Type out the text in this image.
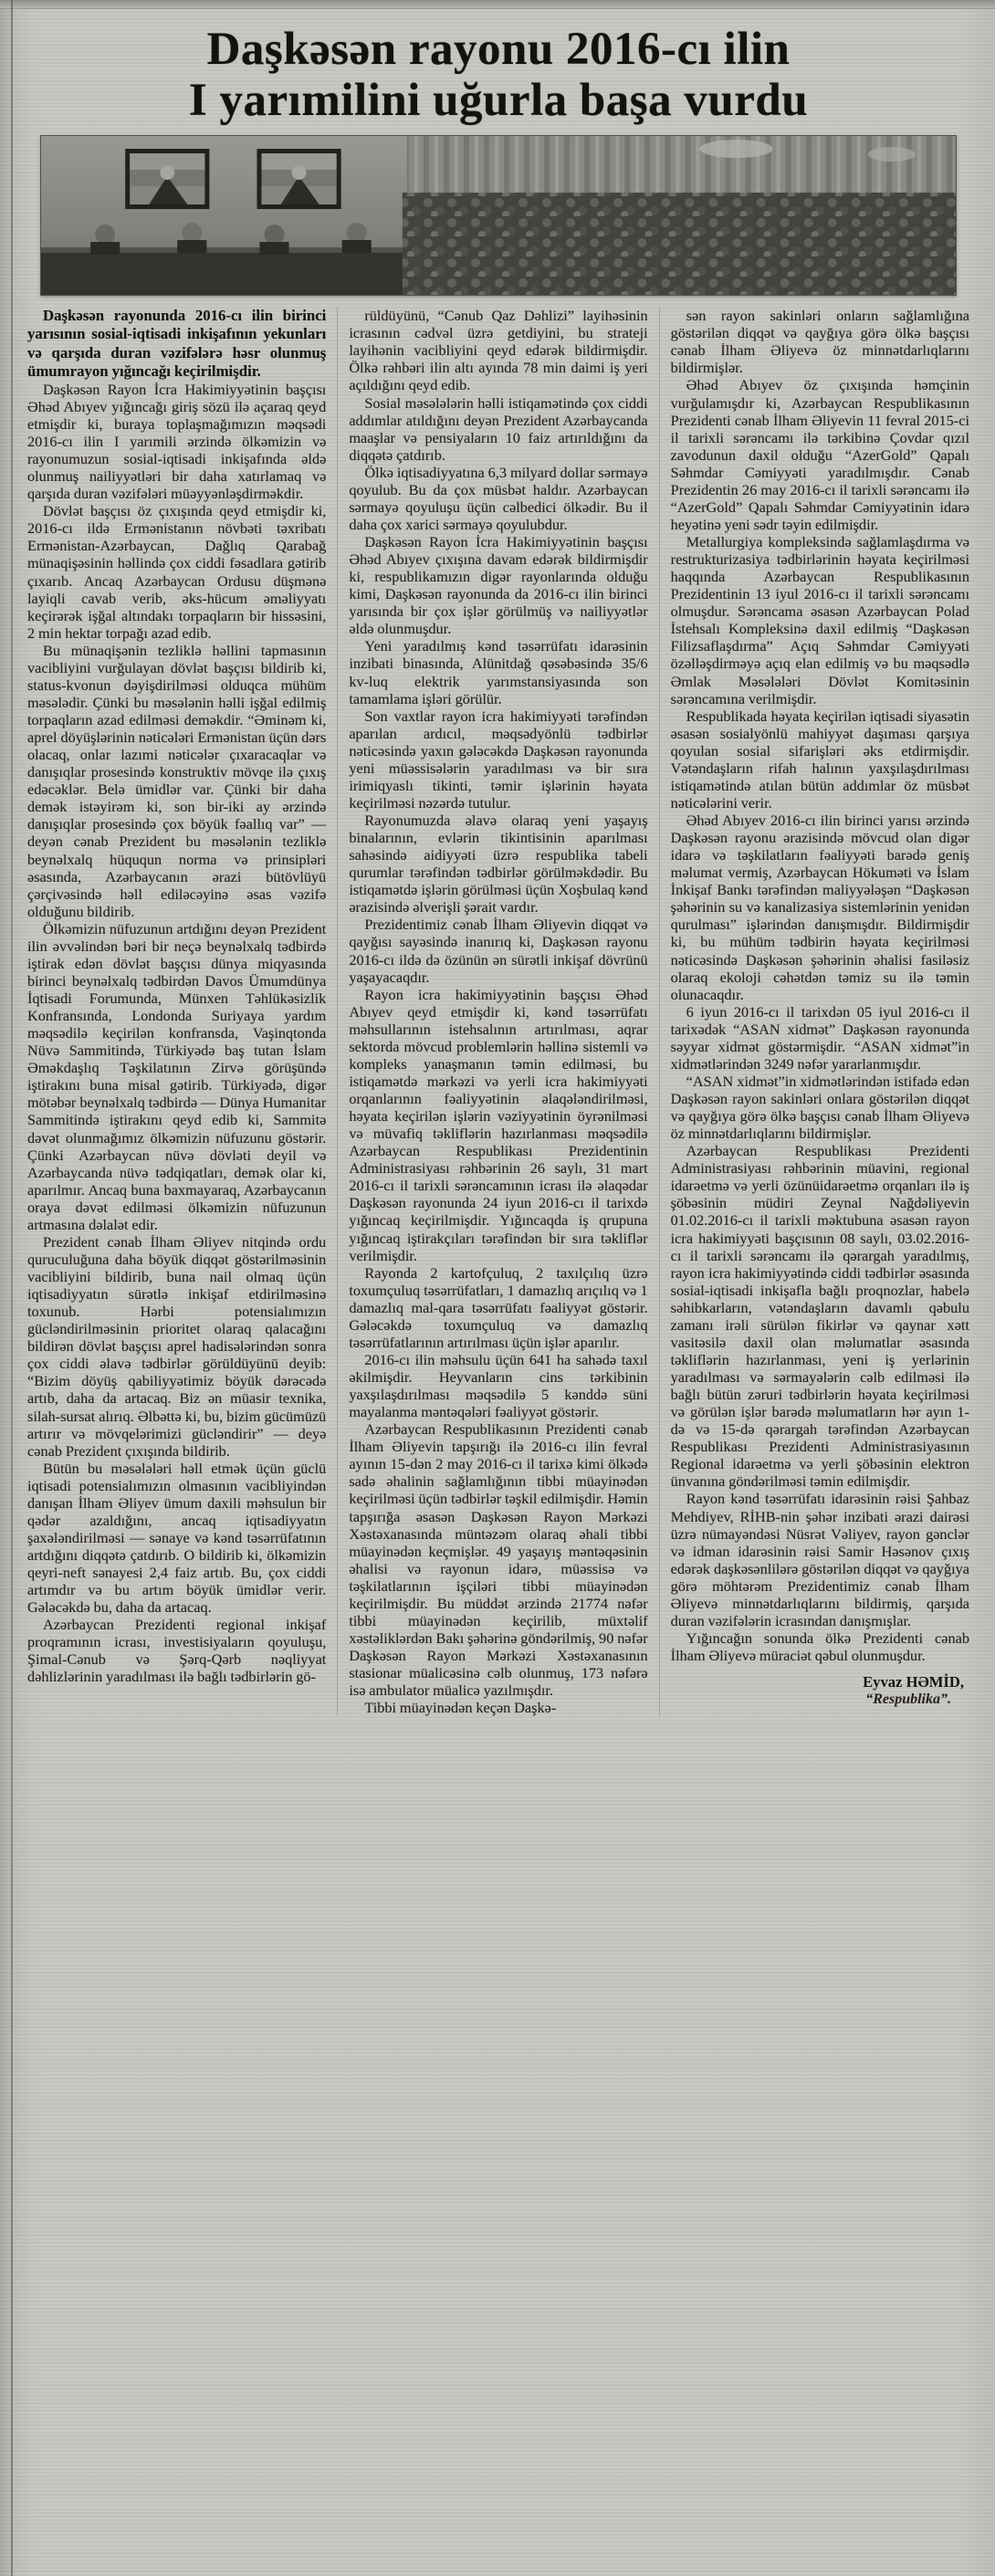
Daşkəsən rayonu 2016-cı ilin
I yarımilini uğurla başa vurdu

Daşkəsən rayonunda 2016-cı ilin birinci yarısının sosial-iqtisadi inkişafının yekunları və qarşıda duran vəzifələrə həsr olunmuş ümumrayon yığıncağı keçirilmişdir.

Daşkəsən Rayon İcra Hakimiyyətinin başçısı Əhəd Abıyev yığıncağı giriş sözü ilə açaraq qeyd etmişdir ki, buraya toplaşmağımızın məqsədi 2016-cı ilin I yarımili ərzində ölkəmizin və rayonumuzun sosial-iqtisadi inkişafında əldə olunmuş nailiyyətləri bir daha xatırlamaq və qarşıda duran vəzifələri müəyyənləşdirməkdir.

Dövlət başçısı öz çıxışında qeyd etmişdir ki, 2016-cı ildə Ermənistanın növbəti təxribatı Ermənistan-Azərbaycan, Dağlıq Qarabağ münaqişəsinin həllində çox ciddi fəsadlara gətirib çıxarıb. Ancaq Azərbaycan Ordusu düşmənə layiqli cavab verib, əks-hücum əməliyyatı keçirərək işğal altındakı torpaqların bir hissəsini, 2 min hektar torpağı azad edib.

Bu münaqişənin tezliklə həllini tapmasının vacibliyini vurğulayan dövlət başçısı bildirib ki, status-kvonun dəyişdirilməsi olduqca mühüm məsələdir. Çünki bu məsələnin həlli işğal edilmiş torpaqların azad edilməsi deməkdir. “Əminəm ki, aprel döyüşlərinin nəticələri Ermənistan üçün dərs olacaq, onlar lazımi nəticələr çıxaracaqlar və danışıqlar prosesində konstruktiv mövqe ilə çıxış edəcəklər. Belə ümidlər var. Çünki bir daha demək istəyirəm ki, son bir-iki ay ərzində danışıqlar prosesində çox böyük fəallıq var” — deyən cənab Prezident bu məsələnin tezliklə beynəlxalq hüququn norma və prinsipləri əsasında, Azərbaycanın ərazi bütövlüyü çərçivəsində həll ediləcəyinə əsas vəzifə olduğunu bildirib.

Ölkəmizin nüfuzunun artdığını deyən Prezident ilin əvvəlindən bəri bir neçə beynəlxalq tədbirdə iştirak edən dövlət başçısı dünya miqyasında birinci beynəlxalq tədbirdən Davos Ümumdünya İqtisadi Forumunda, Münxen Təhlükəsizlik Konfransında, Londonda Suriyaya yardım məqsədilə keçirilən konfransda, Vaşinqtonda Nüvə Sammitində, Türkiyədə baş tutan İslam Əməkdaşlıq Təşkilatının Zirvə görüşündə iştirakını buna misal gətirib. Türkiyədə, digər mötəbər beynəlxalq tədbirdə — Dünya Humanitar Sammitində iştirakını qeyd edib ki, Sammitə dəvət olunmağımız ölkəmizin nüfuzunu göstərir. Çünki Azərbaycan nüvə dövləti deyil və Azərbaycanda nüvə tədqiqatları, demək olar ki, aparılmır. Ancaq buna baxmayaraq, Azərbaycanın oraya dəvət edilməsi ölkəmizin nüfuzunun artmasına dəlalət edir.

Prezident cənab İlham Əliyev nitqində ordu quruculuğuna daha böyük diqqət göstərilməsinin vacibliyini bildirib, buna nail olmaq üçün iqtisadiyyatın sürətlə inkişaf etdirilməsinə toxunub. Hərbi potensialımızın gücləndirilməsinin prioritet olaraq qalacağını bildirən dövlət başçısı aprel hadisələrindən sonra çox ciddi əlavə tədbirlər görüldüyünü deyib: “Bizim döyüş qabiliyyətimiz böyük dərəcədə artıb, daha da artacaq. Biz ən müasir texnika, silah-sursat alırıq. Əlbəttə ki, bu, bizim gücümüzü artırır və mövqelərimizi gücləndirir” — deyə cənab Prezident çıxışında bildirib.

Bütün bu məsələləri həll etmək üçün güclü iqtisadi potensialımızın olmasının vacibliyindən danışan İlham Əliyev ümum daxili məhsulun bir qədər azaldığını, ancaq iqtisadiyyatın şaxələndirilməsi — sənaye və kənd təsərrüfatının artdığını diqqətə çatdırıb. O bildirib ki, ölkəmizin qeyri-neft sənayesi 2,4 faiz artıb. Bu, çox ciddi artımdır və bu artım böyük ümidlər verir. Gələcəkdə bu, daha da artacaq.

Azərbaycan Prezidenti regional inkişaf proqramının icrası, investisiyaların qoyuluşu, Şimal-Cənub və Şərq-Qərb nəqliyyat dəhlizlərinin yaradılması ilə bağlı tədbirlərin gö-

rüldüyünü, “Cənub Qaz Dəhlizi” layihəsinin icrasının cədvəl üzrə getdiyini, bu strateji layihənin vacibliyini qeyd edərək bildirmişdir. Ölkə rəhbəri ilin altı ayında 78 min daimi iş yeri açıldığını qeyd edib.

Sosial məsələlərin həlli istiqamətində çox ciddi addımlar atıldığını deyən Prezident Azərbaycanda maaşlar və pensiyaların 10 faiz artırıldığını da diqqətə çatdırıb.

Ölkə iqtisadiyyatına 6,3 milyard dollar sərmayə qoyulub. Bu da çox müsbət haldır. Azərbaycan sərmayə qoyuluşu üçün cəlbedici ölkədir. Bu il daha çox xarici sərmayə qoyulubdur.

Daşkəsən Rayon İcra Hakimiyyətinin başçısı Əhəd Abıyev çıxışına davam edərək bildirmişdir ki, respublikamızın digər rayonlarında olduğu kimi, Daşkəsən rayonunda da 2016-cı ilin birinci yarısında bir çox işlər görülmüş və nailiyyətlər əldə olunmuşdur.

Yeni yaradılmış kənd təsərrüfatı idarəsinin inzibati binasında, Alünitdağ qəsəbəsində 35/6 kv-luq elektrik yarımstansiyasında son tamamlama işləri görülür.

Son vaxtlar rayon icra hakimiyyəti tərəfindən aparılan ardıcıl, məqsədyönlü tədbirlər nəticəsində yaxın gələcəkdə Daşkəsən rayonunda yeni müəssisələrin yaradılması və bir sıra irimiqyaslı tikinti, təmir işlərinin həyata keçirilməsi nəzərdə tutulur.

Rayonumuzda əlavə olaraq yeni yaşayış binalarının, evlərin tikintisinin aparılması sahəsində aidiyyəti üzrə respublika tabeli qurumlar tərəfindən tədbirlər görülməkdədir. Bu istiqamətdə işlərin görülməsi üçün Xoşbulaq kənd ərazisində əlverişli şərait vardır.

Prezidentimiz cənab İlham Əliyevin diqqət və qayğısı sayəsində inanırıq ki, Daşkəsən rayonu 2016-cı ildə də özünün ən sürətli inkişaf dövrünü yaşayacaqdır.

Rayon icra hakimiyyətinin başçısı Əhəd Abıyev qeyd etmişdir ki, kənd təsərrüfatı məhsullarının istehsalının artırılması, aqrar sektorda mövcud problemlərin həllinə sistemli və kompleks yanaşmanın təmin edilməsi, bu istiqamətdə mərkəzi və yerli icra hakimiyyəti orqanlarının fəaliyyətinin əlaqələndirilməsi, həyata keçirilən işlərin vəziyyətinin öyrənilməsi və müvafiq təkliflərin hazırlanması məqsədilə Azərbaycan Respublikası Prezidentinin Administrasiyası rəhbərinin 26 saylı, 31 mart 2016-cı il tarixli sərəncamının icrası ilə əlaqədar Daşkəsən rayonunda 24 iyun 2016-cı il tarixdə yığıncaq keçirilmişdir. Yığıncaqda iş qrupuna yığıncaq iştirakçıları tərəfindən bir sıra təkliflər verilmişdir.

Rayonda 2 kartofçuluq, 2 taxılçılıq üzrə toxumçuluq təsərrüfatları, 1 damazlıq arıçılıq və 1 damazlıq mal-qara təsərrüfatı fəaliyyət göstərir. Gələcəkdə toxumçuluq və damazlıq təsərrüfatlarının artırılması üçün işlər aparılır.

2016-cı ilin məhsulu üçün 641 ha sahədə taxıl əkilmişdir. Heyvanların cins tərkibinin yaxşılaşdırılması məqsədilə 5 kənddə süni mayalanma məntəqələri fəaliyyət göstərir.

Azərbaycan Respublikasının Prezidenti cənab İlham Əliyevin tapşırığı ilə 2016-cı ilin fevral ayının 15-dən 2 may 2016-cı il tarixə kimi ölkədə sadə əhalinin sağlamlığının tibbi müayinədən keçirilməsi üçün tədbirlər təşkil edilmişdir. Həmin tapşırığa əsasən Daşkəsən Rayon Mərkəzi Xəstəxanasında müntəzəm olaraq əhali tibbi müayinədən keçmişlər. 49 yaşayış məntəqəsinin əhalisi və rayonun idarə, müəssisə və təşkilatlarının işçiləri tibbi müayinədən keçirilmişdir. Bu müddət ərzində 21774 nəfər tibbi müayinədən keçirilib, müxtəlif xəstəliklərdən Bakı şəhərinə göndərilmiş, 90 nəfər Daşkəsən Rayon Mərkəzi Xəstəxanasının stasionar müalicəsinə cəlb olunmuş, 173 nəfərə isə ambulator müalicə yazılmışdır.

Tibbi müayinədən keçən Daşkə-

sən rayon sakinləri onların sağlamlığına göstərilən diqqət və qayğıya görə ölkə başçısı cənab İlham Əliyevə öz minnətdarlıqlarını bildirmişlər.

Əhəd Abıyev öz çıxışında həmçinin vurğulamışdır ki, Azərbaycan Respublikasının Prezidenti cənab İlham Əliyevin 11 fevral 2015-ci il tarixli sərəncamı ilə tərkibinə Çovdar qızıl zavodunun daxil olduğu “AzerGold” Qapalı Səhmdar Cəmiyyəti yaradılmışdır. Cənab Prezidentin 26 may 2016-cı il tarixli sərəncamı ilə “AzerGold” Qapalı Səhmdar Cəmiyyətinin idarə heyətinə yeni sədr təyin edilmişdir.

Metallurgiya kompleksində sağlamlaşdırma və restrukturizasiya tədbirlərinin həyata keçirilməsi haqqında Azərbaycan Respublikasının Prezidentinin 13 iyul 2016-cı il tarixli sərəncamı olmuşdur. Sərəncama əsasən Azərbaycan Polad İstehsalı Kompleksinə daxil edilmiş “Daşkəsən Filizsaflaşdırma” Açıq Səhmdar Cəmiyyəti özəlləşdirməyə açıq elan edilmiş və bu məqsədlə Əmlak Məsələləri Dövlət Komitəsinin sərəncamına verilmişdir.

Respublikada həyata keçirilən iqtisadi siyasətin əsasən sosialyönlü mahiyyət daşıması qarşıya qoyulan sosial sifarişləri əks etdirmişdir. Vətəndaşların rifah halının yaxşılaşdırılması istiqamətində atılan bütün addımlar öz müsbət nəticələrini verir.

Əhəd Abıyev 2016-cı ilin birinci yarısı ərzində Daşkəsən rayonu ərazisində mövcud olan digər idarə və təşkilatların fəaliyyəti barədə geniş məlumat vermiş, Azərbaycan Hökuməti və İslam İnkişaf Bankı tərəfindən maliyyələşən “Daşkəsən şəhərinin su və kanalizasiya sistemlərinin yenidən qurulması” işlərindən danışmışdır. Bildirmişdir ki, bu mühüm tədbirin həyata keçirilməsi nəticəsində Daşkəsən şəhərinin əhalisi fasiləsiz olaraq ekoloji cəhətdən təmiz su ilə təmin olunacaqdır.

6 iyun 2016-cı il tarixdən 05 iyul 2016-cı il tarixədək “ASAN xidmət” Daşkəsən rayonunda səyyar xidmət göstərmişdir. “ASAN xidmət”in xidmətlərindən 3249 nəfər yararlanmışdır.

“ASAN xidmət”in xidmətlərindən istifadə edən Daşkəsən rayon sakinləri onlara göstərilən diqqət və qayğıya görə ölkə başçısı cənab İlham Əliyevə öz minnətdarlıqlarını bildirmişlər.

Azərbaycan Respublikası Prezidenti Administrasiyası rəhbərinin müavini, regional idarəetmə və yerli özünüidarəetmə orqanları ilə iş şöbəsinin müdiri Zeynal Nağdəliyevin 01.02.2016-cı il tarixli məktubuna əsasən rayon icra hakimiyyəti başçısının 08 saylı, 03.02.2016-cı il tarixli sərəncamı ilə qərargah yaradılmış, rayon icra hakimiyyətində ciddi tədbirlər əsasında sosial-iqtisadi inkişafla bağlı proqnozlar, habelə səhibkarların, vətəndaşların davamlı qəbulu zamanı irəli sürülən fikirlər və qaynar xətt vasitəsilə daxil olan məlumatlar əsasında təkliflərin hazırlanması, yeni iş yerlərinin yaradılması və sərmayələrin cəlb edilməsi ilə bağlı bütün zəruri tədbirlərin həyata keçirilməsi və görülən işlər barədə məlumatların hər ayın 1-də və 15-də qərargah tərəfindən Azərbaycan Respublikası Prezidenti Administrasiyasının Regional idarəetmə və yerli şöbəsinin elektron ünvanına göndərilməsi təmin edilmişdir.

Rayon kənd təsərrüfatı idarəsinin rəisi Şahbaz Mehdiyev, RİHB-nin şəhər inzibati ərazi dairəsi üzrə nümayəndəsi Nüsrət Vəliyev, rayon gənclər və idman idarəsinin rəisi Samir Həsənov çıxış edərək daşkəsənlilərə göstərilən diqqət və qayğıya görə möhtərəm Prezidentimiz cənab İlham Əliyevə minnətdarlıqlarını bildirmiş, qarşıda duran vəzifələrin icrasından danışmışlar.

Yığıncağın sonunda ölkə Prezidenti cənab İlham Əliyevə müraciət qəbul olunmuşdur.

Eyvaz HƏMİD,
“Respublika”.
